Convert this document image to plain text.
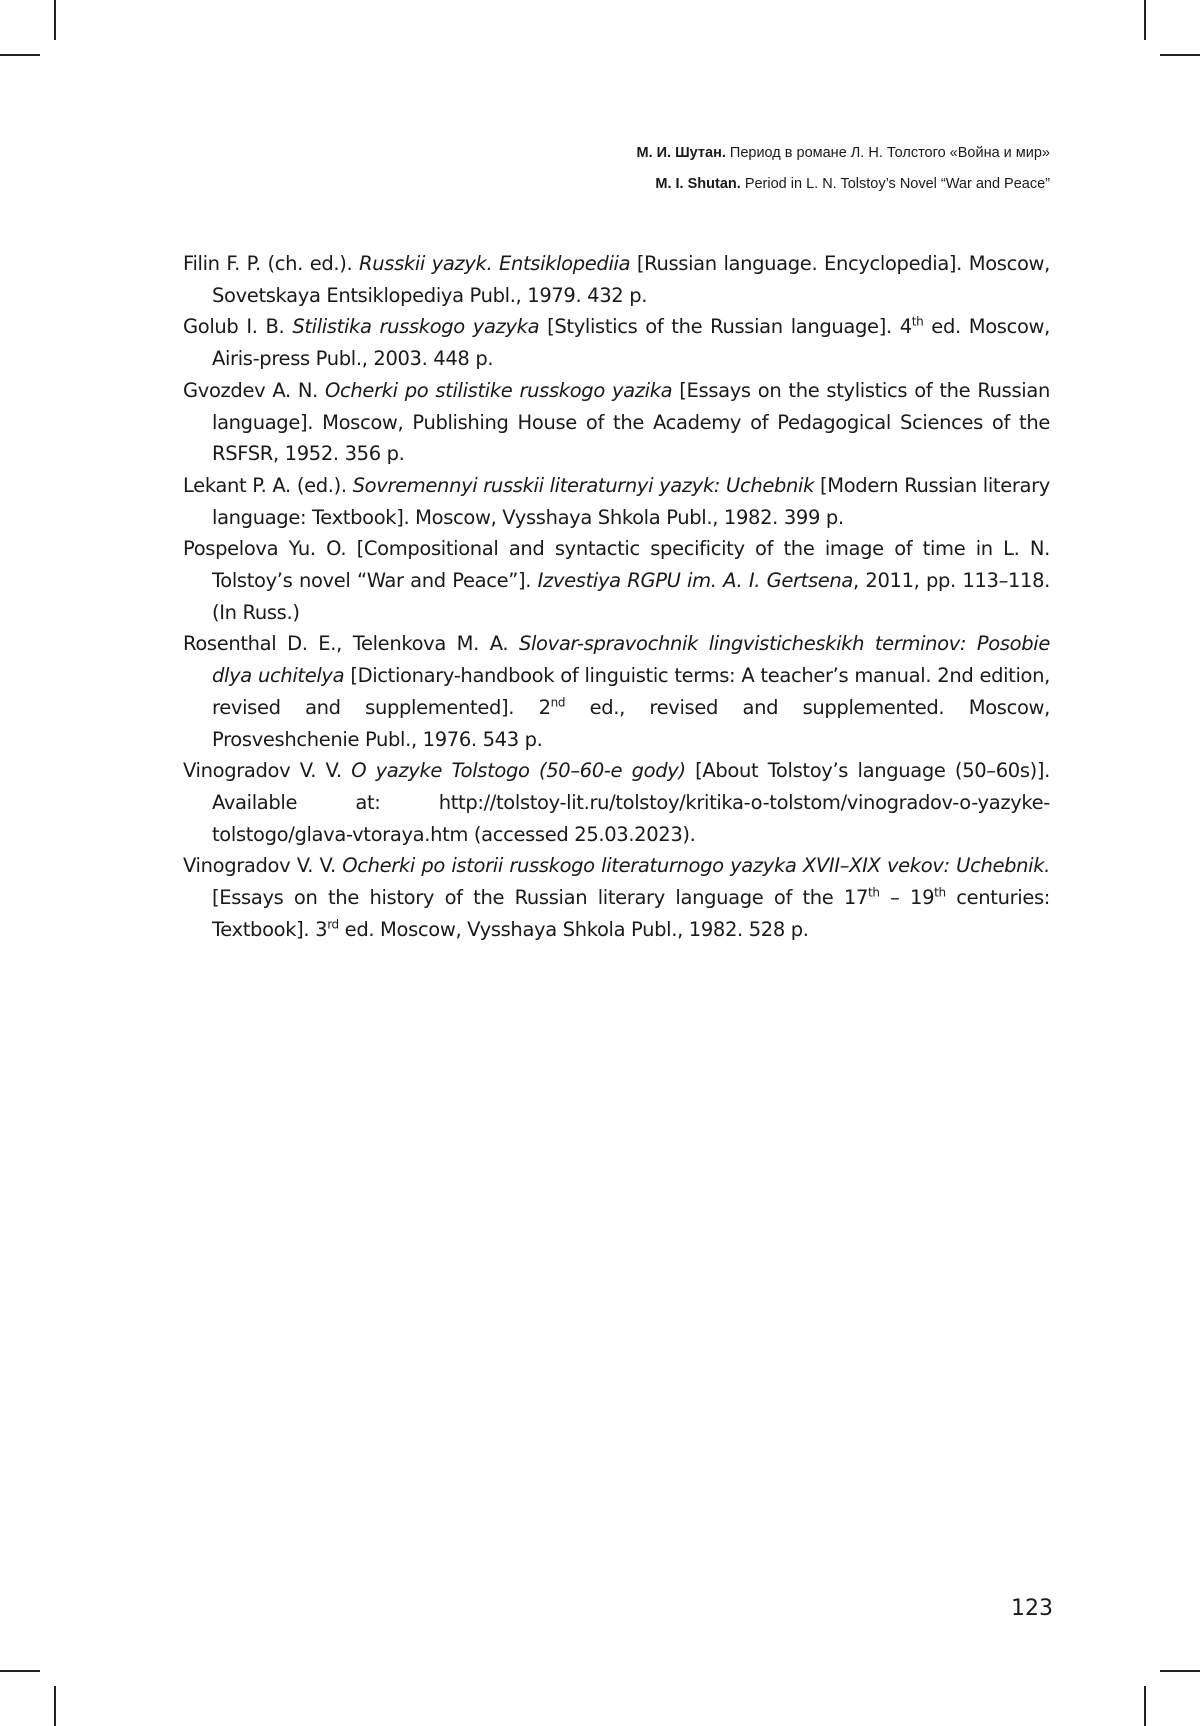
М. И. Шутан. Период в романе Л. Н. Толстого «Война и мир»
M. I. Shutan. Period in L. N. Tolstoy’s Novel “War and Peace”

Filin F. P. (ch. ed.). Russkii yazyk. Entsiklopediia [Russian language. Encyclopedia]. Moscow, Sovetskaya Entsiklopediya Publ., 1979. 432 p.

Golub I. B. Stilistika russkogo yazyka [Stylistics of the Russian language]. 4th ed. Moscow, Airis-press Publ., 2003. 448 p.

Gvozdev A. N. Ocherki po stilistike russkogo yazika [Essays on the stylistics of the Russian language]. Moscow, Publishing House of the Academy of Pedagogical Sciences of the RSFSR, 1952. 356 p.

Lekant P. A. (ed.). Sovremennyi russkii literaturnyi yazyk: Uchebnik [Modern Russian literary language: Textbook]. Moscow, Vysshaya Shkola Publ., 1982. 399 p.

Pospelova Yu. O. [Compositional and syntactic specificity of the image of time in L. N. Tolstoy’s novel “War and Peace”]. Izvestiya RGPU im. A. I. Gertsena, 2011, pp. 113–118. (In Russ.)

Rosenthal D. E., Telenkova M. A. Slovar-spravochnik lingvisticheskikh terminov: Posobie dlya uchitelya [Dictionary-handbook of linguistic terms: A teacher’s manual. 2nd edition, revised and supplemented]. 2nd ed., revised and supplemented. Moscow, Prosveshchenie Publ., 1976. 543 p.

Vinogradov V. V. O yazyke Tolstogo (50–60-e gody) [About Tolstoy’s language (50–60s)]. Available at: http://tolstoy-lit.ru/tolstoy/kritika-o-tolstom/vinogradov-o-yazyke-tolstogo/glava-vtoraya.htm (accessed 25.03.2023).

Vinogradov V. V. Ocherki po istorii russkogo literaturnogo yazyka XVII–XIX vekov: Uchebnik. [Essays on the history of the Russian literary language of the 17th – 19th centuries: Textbook]. 3rd ed. Moscow, Vysshaya Shkola Publ., 1982. 528 p.

123
